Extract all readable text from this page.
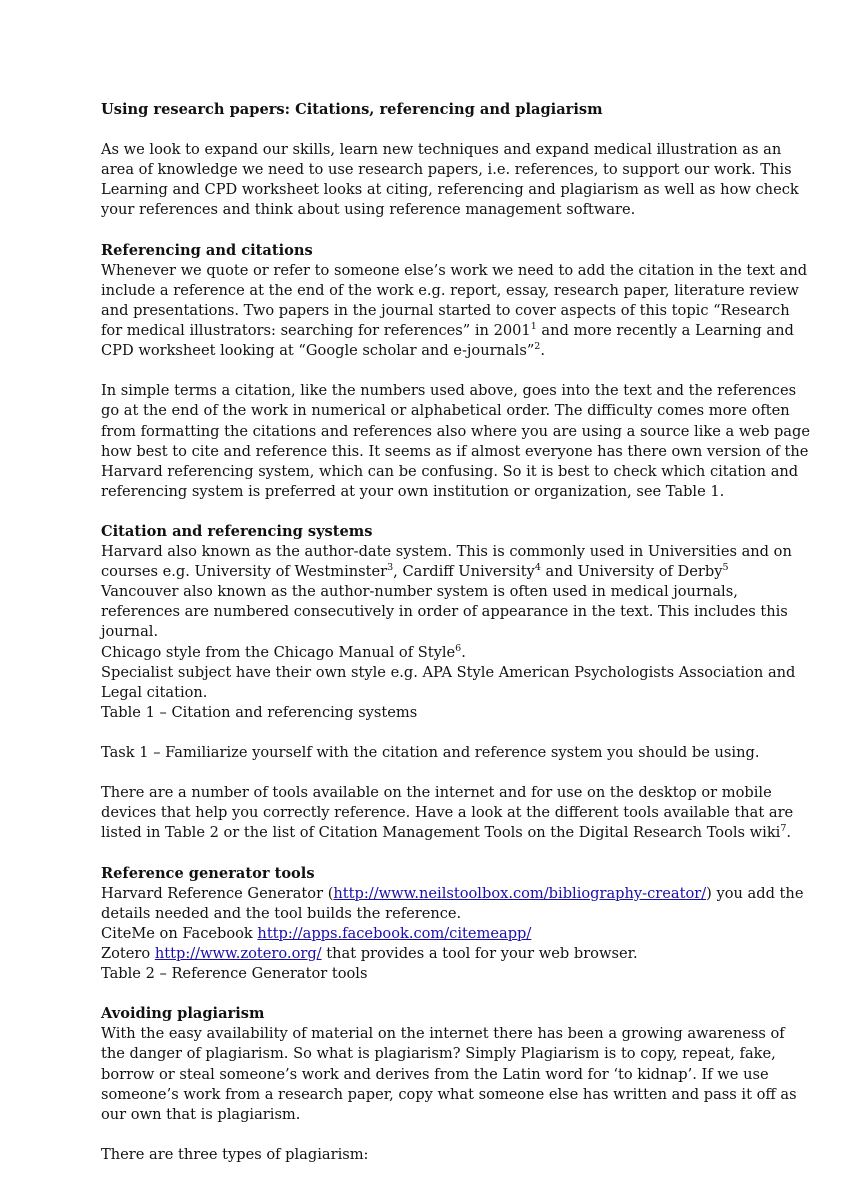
Using research papers: Citations, referencing and plagiarism

As we look to expand our skills, learn new techniques and expand medical illustration as an area of knowledge we need to use research papers, i.e. references, to support our work. This Learning and CPD worksheet looks at citing, referencing and plagiarism as well as how check your references and think about using reference management software.

Referencing and citations

Whenever we quote or refer to someone else’s work we need to add the citation in the text and include a reference at the end of the work e.g. report, essay, research paper, literature review and presentations. Two papers in the journal started to cover aspects of this topic “Research for medical illustrators: searching for references” in 2001$^1$ and more recently a Learning and CPD worksheet looking at “Google scholar and e-journals”$^2$.

In simple terms a citation, like the numbers used above, goes into the text and the references go at the end of the work in numerical or alphabetical order. The difficulty comes more often from formatting the citations and references also where you are using a source like a web page how best to cite and reference this. It seems as if almost everyone has there own version of the Harvard referencing system, which can be confusing. So it is best to check which citation and referencing system is preferred at your own institution or organization, see Table 1.

Citation and referencing systems

Harvard also known as the author-date system. This is commonly used in Universities and on courses e.g. University of Westminster$^3$, Cardiff University$^4$ and University of Derby$^5$

Vancouver also known as the author-number system is often used in medical journals, references are numbered consecutively in order of appearance in the text. This includes this journal.

Chicago style from the Chicago Manual of Style$^6$.

Specialist subject have their own style e.g. APA Style American Psychologists Association and Legal citation.

Table 1 – Citation and referencing systems

Task 1 – Familiarize yourself with the citation and reference system you should be using.

There are a number of tools available on the internet and for use on the desktop or mobile devices that help you correctly reference. Have a look at the different tools available that are listed in Table 2 or the list of Citation Management Tools on the Digital Research Tools wiki$^7$.

Reference generator tools

Harvard Reference Generator (http://www.neilstoolbox.com/bibliography-creator/) you add the details needed and the tool builds the reference.

CiteMe on Facebook http://apps.facebook.com/citemeapp/

Zotero http://www.zotero.org/ that provides a tool for your web browser.

Table 2 – Reference Generator tools

Avoiding plagiarism

With the easy availability of material on the internet there has been a growing awareness of the danger of plagiarism. So what is plagiarism? Simply Plagiarism is to copy, repeat, fake, borrow or steal someone’s work and derives from the Latin word for ‘to kidnap’. If we use someone’s work from a research paper, copy what someone else has written and pass it off as our own that is plagiarism.

There are three types of plagiarism:
